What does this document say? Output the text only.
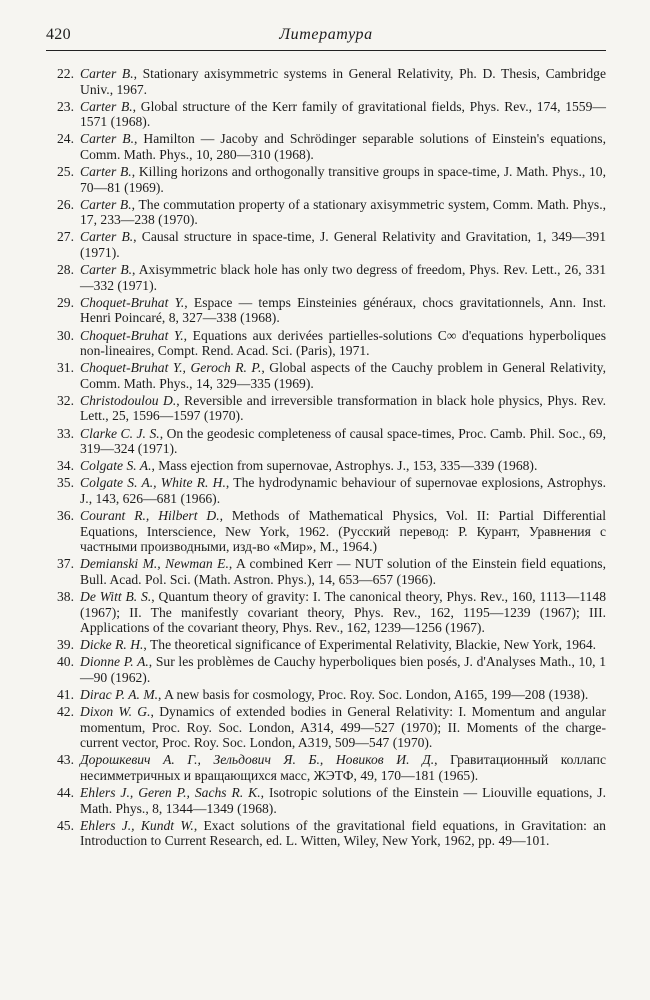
420	Литература
22. Carter B., Stationary axisymmetric systems in General Relativity, Ph. D. Thesis, Cambridge Univ., 1967.
23. Carter B., Global structure of the Kerr family of gravitational fields, Phys. Rev., 174, 1559—1571 (1968).
24. Carter B., Hamilton — Jacoby and Schrödinger separable solutions of Einstein's equations, Comm. Math. Phys., 10, 280—310 (1968).
25. Carter B., Killing horizons and orthogonally transitive groups in space-time, J. Math. Phys., 10, 70—81 (1969).
26. Carter B., The commutation property of a stationary axisymmetric system, Comm. Math. Phys., 17, 233—238 (1970).
27. Carter B., Causal structure in space-time, J. General Relativity and Gravitation, 1, 349—391 (1971).
28. Carter B., Axisymmetric black hole has only two degress of freedom, Phys. Rev. Lett., 26, 331—332 (1971).
29. Choquet-Bruhat Y., Espace — temps Einsteinies généraux, chocs gravitationnels, Ann. Inst. Henri Poincaré, 8, 327—338 (1968).
30. Choquet-Bruhat Y., Equations aux derivées partielles-solutions C∞ d'equations hyperboliques non-lineaires, Compt. Rend. Acad. Sci. (Paris), 1971.
31. Choquet-Bruhat Y., Geroch R. P., Global aspects of the Cauchy problem in General Relativity, Comm. Math. Phys., 14, 329—335 (1969).
32. Christodoulou D., Reversible and irreversible transformation in black hole physics, Phys. Rev. Lett., 25, 1596—1597 (1970).
33. Clarke C. J. S., On the geodesic completeness of causal space-times, Proc. Camb. Phil. Soc., 69, 319—324 (1971).
34. Colgate S. A., Mass ejection from supernovae, Astrophys. J., 153, 335—339 (1968).
35. Colgate S. A., White R. H., The hydrodynamic behaviour of supernovae explosions, Astrophys. J., 143, 626—681 (1966).
36. Courant R., Hilbert D., Methods of Mathematical Physics, Vol. II: Partial Differential Equations, Interscience, New York, 1962. (Русский перевод: Р. Курант, Уравнения с частными производными, изд-во «Мир», М., 1964.)
37. Demianski M., Newman E., A combined Kerr — NUT solution of the Einstein field equations, Bull. Acad. Pol. Sci. (Math. Astron. Phys.), 14, 653—657 (1966).
38. De Witt B. S., Quantum theory of gravity: I. The canonical theory, Phys. Rev., 160, 1113—1148 (1967); II. The manifestly covariant theory, Phys. Rev., 162, 1195—1239 (1967); III. Applications of the covariant theory, Phys. Rev., 162, 1239—1256 (1967).
39. Dicke R. H., The theoretical significance of Experimental Relativity, Blackie, New York, 1964.
40. Dionne P. A., Sur les problèmes de Cauchy hyperboliques bien posés, J. d'Analyses Math., 10, 1—90 (1962).
41. Dirac P. A. M., A new basis for cosmology, Proc. Roy. Soc. London, A165, 199—208 (1938).
42. Dixon W. G., Dynamics of extended bodies in General Relativity: I. Momentum and angular momentum, Proc. Roy. Soc. London, A314, 499—527 (1970); II. Moments of the charge-current vector, Proc. Roy. Soc. London, A319, 509—547 (1970).
43. Дорошкевич А. Г., Зельдович Я. Б., Новиков И. Д., Гравитационный коллапс несимметричных и вращающихся масс, ЖЭТФ, 49, 170—181 (1965).
44. Ehlers J., Geren P., Sachs R. K., Isotropic solutions of the Einstein — Liouville equations, J. Math. Phys., 8, 1344—1349 (1968).
45. Ehlers J., Kundt W., Exact solutions of the gravitational field equations, in Gravitation: an Introduction to Current Research, ed. L. Witten, Wiley, New York, 1962, pp. 49—101.
